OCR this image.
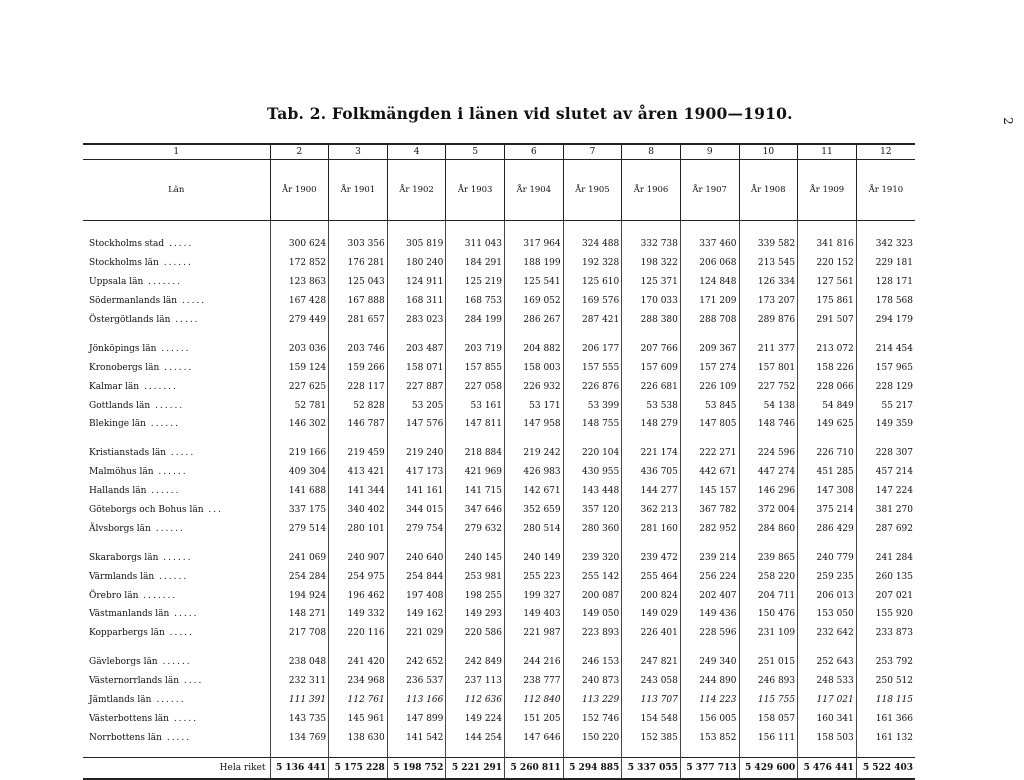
Tab. 2. Folkmängden i länen vid slutet av åren 1900—1910.	2
1	2	3	4	5	6	7	8	9	10	11	12
Län	År 1900	År 1901	År 1902	År 1903	År 1904	År 1905	År 1906	År 1907	År 1908	År 1909	År 1910

Stockholms stad .....	300 624	303 356	305 819	311 043	317 964	324 488	332 738	337 460	339 582	341 816	342 323
Stockholms län ......	172 852	176 281	180 240	184 291	188 199	192 328	198 322	206 068	213 545	220 152	229 181
Uppsala län .......	123 863	125 043	124 911	125 219	125 541	125 610	125 371	124 848	126 334	127 561	128 171
Södermanlands län .....	167 428	167 888	168 311	168 753	169 052	169 576	170 033	171 209	173 207	175 861	178 568
Östergötlands län .....	279 449	281 657	283 023	284 199	286 267	287 421	288 380	288 708	289 876	291 507	294 179

Jönköpings län ......	203 036	203 746	203 487	203 719	204 882	206 177	207 766	209 367	211 377	213 072	214 454
Kronobergs län ......	159 124	159 266	158 071	157 855	158 003	157 555	157 609	157 274	157 801	158 226	157 965
Kalmar län .......	227 625	228 117	227 887	227 058	226 932	226 876	226 681	226 109	227 752	228 066	228 129
Gottlands län ......	52 781	52 828	53 205	53 161	53 171	53 399	53 538	53 845	54 138	54 849	55 217
Blekinge län ......	146 302	146 787	147 576	147 811	147 958	148 755	148 279	147 805	148 746	149 625	149 359

Kristianstads län .....	219 166	219 459	219 240	218 884	219 242	220 104	221 174	222 271	224 596	226 710	228 307
Malmöhus län ......	409 304	413 421	417 173	421 969	426 983	430 955	436 705	442 671	447 274	451 285	457 214
Hallands län ......	141 688	141 344	141 161	141 715	142 671	143 448	144 277	145 157	146 296	147 308	147 224
Göteborgs och Bohus län ...	337 175	340 402	344 015	347 646	352 659	357 120	362 213	367 782	372 004	375 214	381 270
Älvsborgs län ......	279 514	280 101	279 754	279 632	280 514	280 360	281 160	282 952	284 860	286 429	287 692

Skaraborgs län ......	241 069	240 907	240 640	240 145	240 149	239 320	239 472	239 214	239 865	240 779	241 284
Värmlands län ......	254 284	254 975	254 844	253 981	255 223	255 142	255 464	256 224	258 220	259 235	260 135
Örebro län .......	194 924	196 462	197 408	198 255	199 327	200 087	200 824	202 407	204 711	206 013	207 021
Västmanlands län .....	148 271	149 332	149 162	149 293	149 403	149 050	149 029	149 436	150 476	153 050	155 920
Kopparbergs län .....	217 708	220 116	221 029	220 586	221 987	223 893	226 401	228 596	231 109	232 642	233 873

Gävleborgs län ......	238 048	241 420	242 652	242 849	244 216	246 153	247 821	249 340	251 015	252 643	253 792
Västernorrlands län ....	232 311	234 968	236 537	237 113	238 777	240 873	243 058	244 890	246 893	248 533	250 512
Jämtlands län ......	111 391	112 761	113 166	112 636	112 840	113 229	113 707	114 223	115 755	117 021	118 115
Västerbottens län .....	143 735	145 961	147 899	149 224	151 205	152 746	154 548	156 005	158 057	160 341	161 366
Norrbottens län .....	134 769	138 630	141 542	144 254	147 646	150 220	152 385	153 852	156 111	158 503	161 132

Hela riket	5 136 441	5 175 228	5 198 752	5 221 291	5 260 811	5 294 885	5 337 055	5 377 713	5 429 600	5 476 441	5 522 403
